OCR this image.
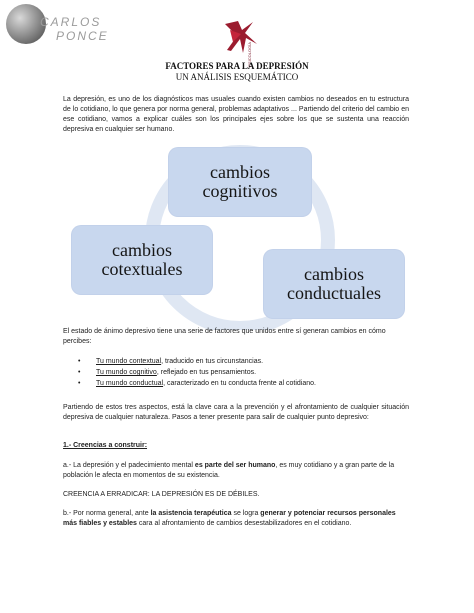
CARLOS
PONCE
PSICOLOGÍA
FACTORES PARA LA DEPRESIÓN
UN ANÁLISIS ESQUEMÁTICO

La depresión, es uno de los diagnósticos mas usuales cuando existen cambios no deseados en tu estructura de lo cotidiano, lo que genera por norma general, problemas adaptativos ... Partiendo del criterio del cambio en ese cotidiano, vamos a explicar cuáles son los principales ejes sobre los que se sustenta una reacción depresiva en cualquier ser humano.

cambios
cognitivos
cambios
cotextuales	cambios
conductuales

El estado de ánimo depresivo tiene una serie de factores que unidos entre sí generan cambios en cómo percibes:

•	Tu mundo contextual, traducido en tus circunstancias.
•	Tu mundo cognitivo, reflejado en tus pensamientos.
•	Tu mundo conductual, caracterizado en tu conducta frente al cotidiano.

Partiendo de estos tres aspectos, está la clave cara a la prevención y el afrontamiento de cualquier situación depresiva de cualquier naturaleza. Pasos a tener presente para salir de cualquier punto depresivo:

1.- Creencias a construir:

a.- La depresión y el padecimiento mental es parte del ser humano, es muy cotidiano y a gran parte de la población le afecta en momentos de su existencia.

CREENCIA A ERRADICAR: LA DEPRESIÓN ES DE DÉBILES.

b.- Por norma general, ante la asistencia terapéutica se logra generar y potenciar recursos personales más fiables y estables cara al afrontamiento de cambios desestabilizadores en el cotidiano.
